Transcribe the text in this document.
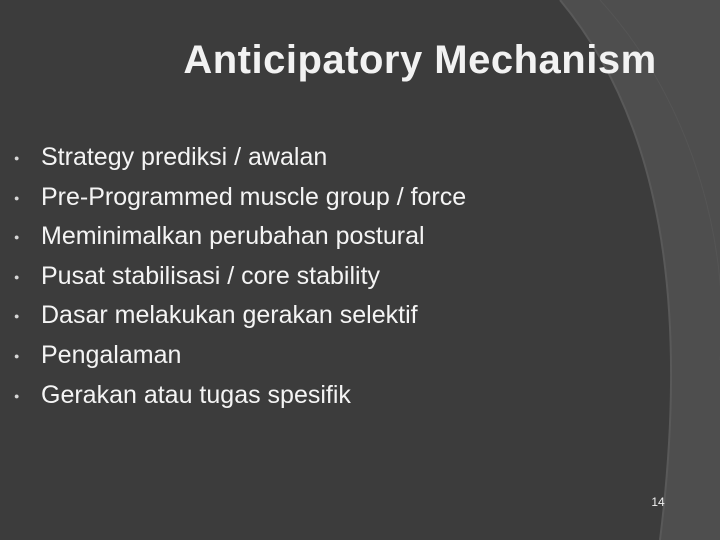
Anticipatory Mechanism
● Strategy prediksi / awalan
● Pre-Programmed muscle group / force
● Meminimalkan perubahan postural
● Pusat stabilisasi / core stability
● Dasar melakukan gerakan selektif
● Pengalaman
● Gerakan atau tugas spesifik
14
